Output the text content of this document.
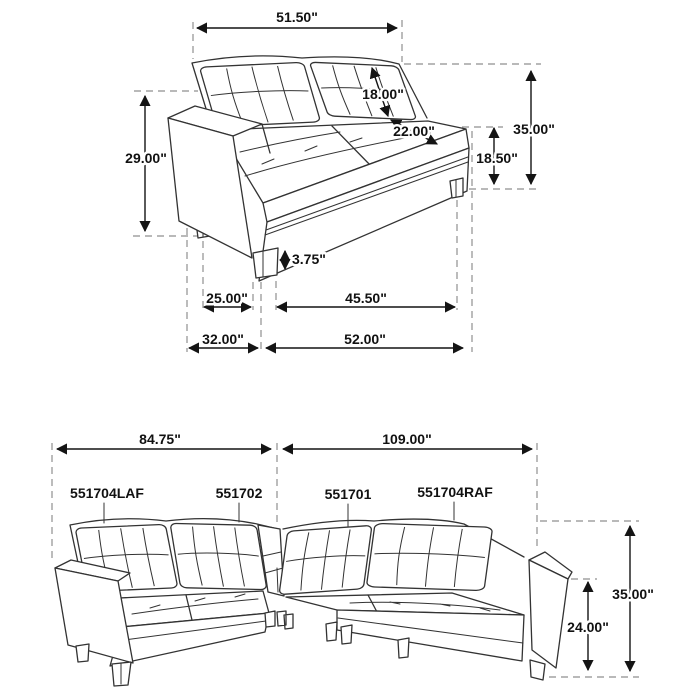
51.50"
29.00"
18.00"
22.00"	35.00"
18.50"
3.75"
25.00"	45.50"
32.00"	52.00"
551704LAF	551702	551701	551704RAF
84.75"	109.00"
35.00"
24.00"
